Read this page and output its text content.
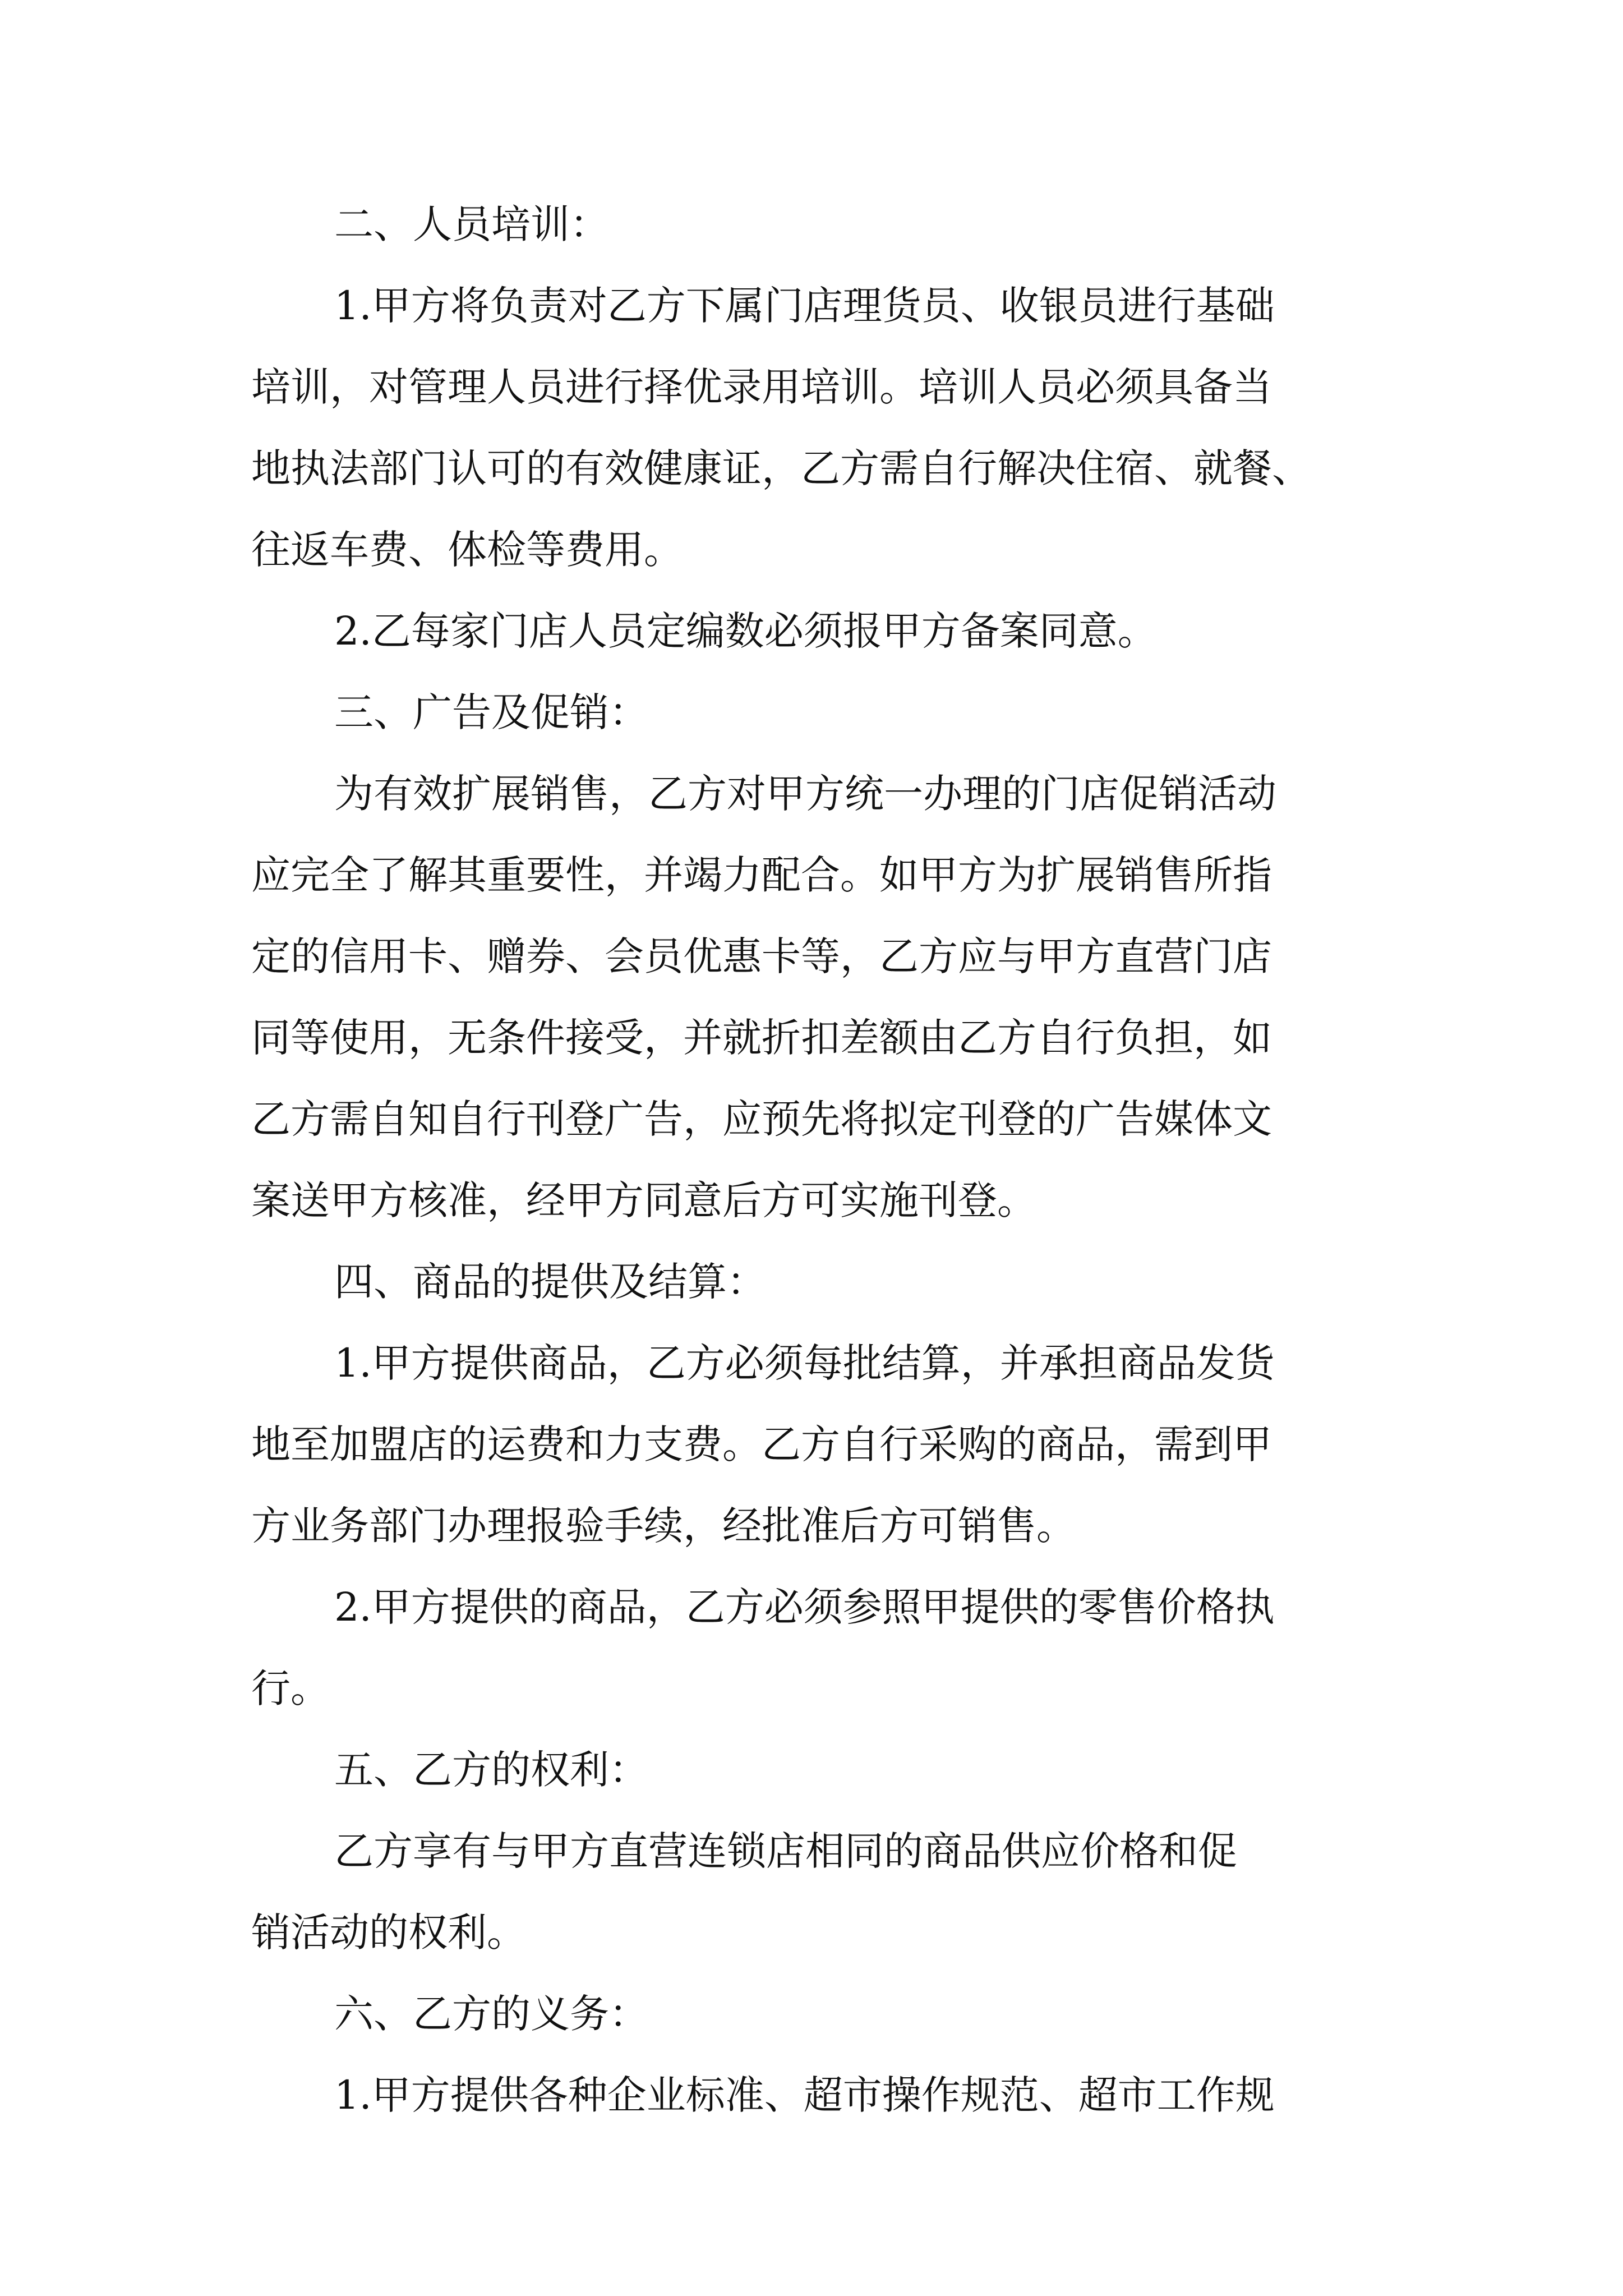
二、人员培训：
1.甲方将负责对乙方下属门店理货员、收银员进行基础
培训，对管理人员进行择优录用培训。培训人员必须具备当
地执法部门认可的有效健康证，乙方需自行解决住宿、就餐、
往返车费、体检等费用。
2.乙每家门店人员定编数必须报甲方备案同意。
三、广告及促销：
为有效扩展销售，乙方对甲方统一办理的门店促销活动
应完全了解其重要性，并竭力配合。如甲方为扩展销售所指
定的信用卡、赠券、会员优惠卡等，乙方应与甲方直营门店
同等使用，无条件接受，并就折扣差额由乙方自行负担，如
乙方需自知自行刊登广告，应预先将拟定刊登的广告媒体文
案送甲方核准，经甲方同意后方可实施刊登。
四、商品的提供及结算：
1.甲方提供商品，乙方必须每批结算，并承担商品发货
地至加盟店的运费和力支费。乙方自行采购的商品，需到甲
方业务部门办理报验手续，经批准后方可销售。
2.甲方提供的商品，乙方必须参照甲提供的零售价格执
行。
五、乙方的权利：
乙方享有与甲方直营连锁店相同的商品供应价格和促
销活动的权利。
六、乙方的义务：
1.甲方提供各种企业标准、超市操作规范、超市工作规
